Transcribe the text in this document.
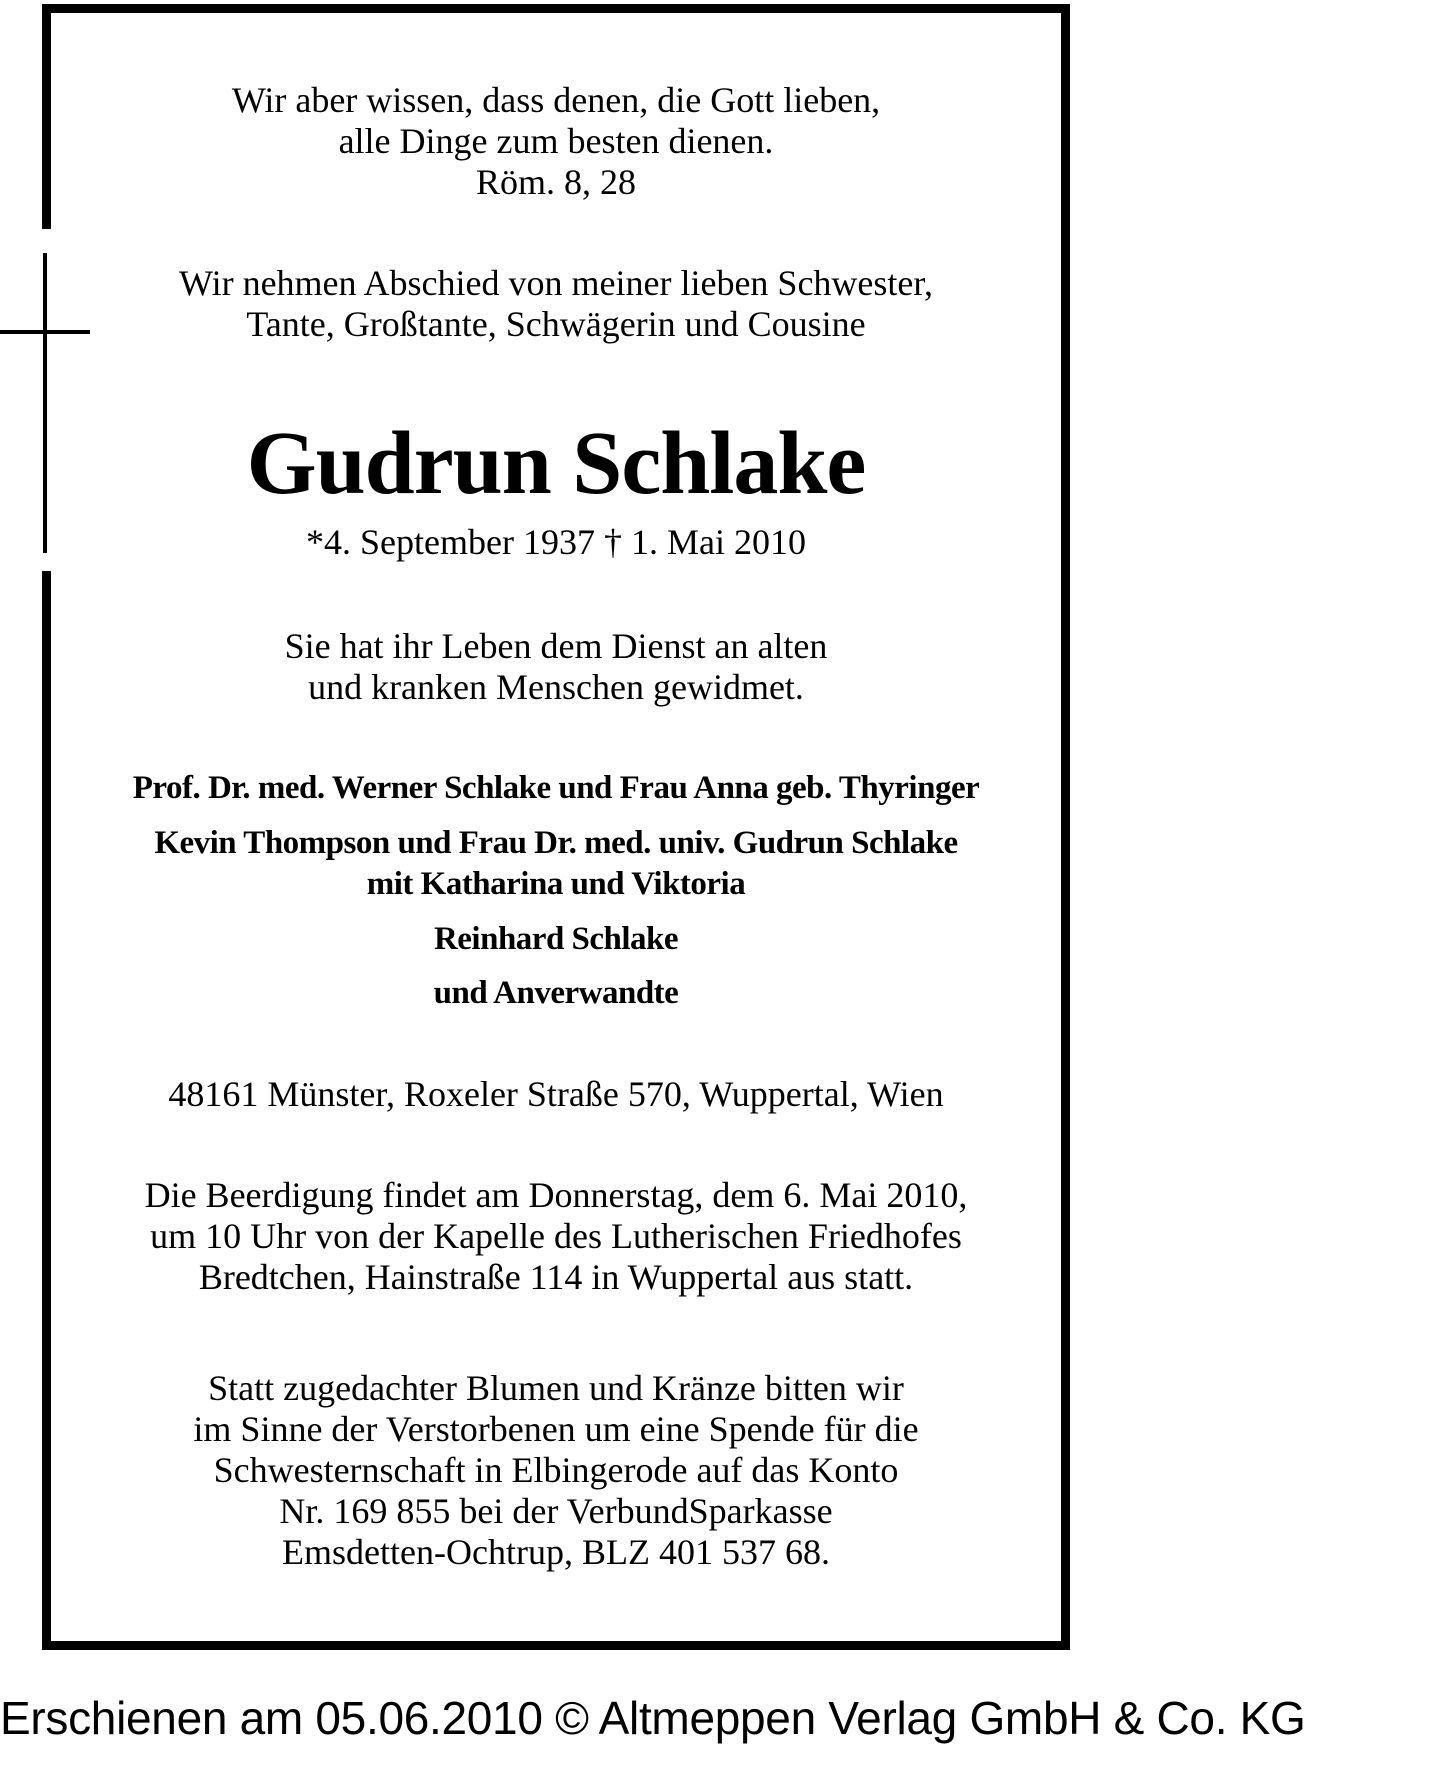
Wir aber wissen, dass denen, die Gott lieben,
alle Dinge zum besten dienen.
Röm. 8, 28
Wir nehmen Abschied von meiner lieben Schwester,
Tante, Großtante, Schwägerin und Cousine
Gudrun Schlake
*4. September 1937 † 1. Mai 2010
Sie hat ihr Leben dem Dienst an alten
und kranken Menschen gewidmet.
Prof. Dr. med. Werner Schlake und Frau Anna geb. Thyringer
Kevin Thompson und Frau Dr. med. univ. Gudrun Schlake
mit Katharina und Viktoria
Reinhard Schlake
und Anverwandte
48161 Münster, Roxeler Straße 570, Wuppertal, Wien
Die Beerdigung findet am Donnerstag, dem 6. Mai 2010,
um 10 Uhr von der Kapelle des Lutherischen Friedhofes
Bredtchen, Hainstraße 114 in Wuppertal aus statt.
Statt zugedachter Blumen und Kränze bitten wir
im Sinne der Verstorbenen um eine Spende für die
Schwesternschaft in Elbingerode auf das Konto
Nr. 169 855 bei der VerbundSparkasse
Emsdetten-Ochtrup, BLZ 401 537 68.
Erschienen am 05.06.2010 © Altmeppen Verlag GmbH & Co. KG
